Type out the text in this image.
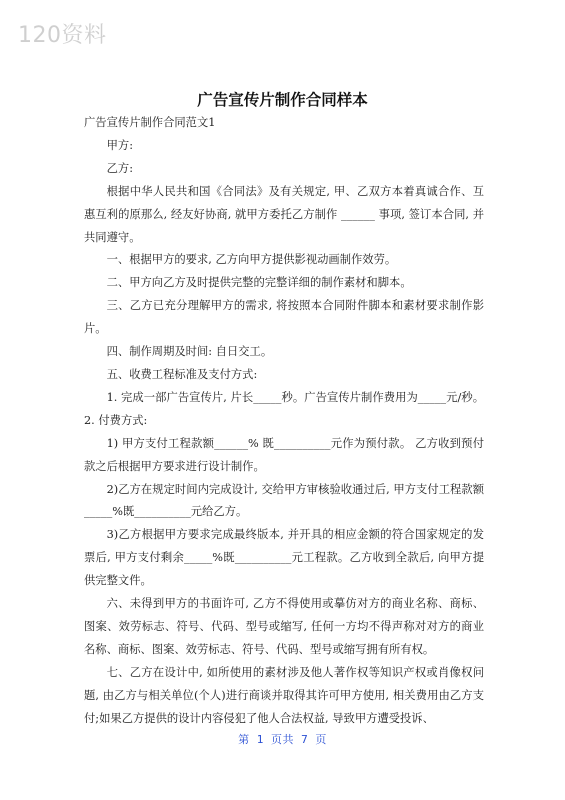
120资料
广告宣传片制作合同样本

广告宣传片制作合同范文1

甲方:

乙方:

根据中华人民共和国《合同法》及有关规定, 甲、乙双方本着真诚合作、互惠互利的原那么, 经友好协商, 就甲方委托乙方制作 ______ 事项, 签订本合同, 并共同遵守。

一、根据甲方的要求, 乙方向甲方提供影视动画制作效劳。

二、甲方向乙方及时提供完整的完整详细的制作素材和脚本。

三、乙方已充分理解甲方的需求, 将按照本合同附件脚本和素材要求制作影片。

四、制作周期及时间: 自日交工。

五、收费工程标准及支付方式:

1. 完成一部广告宣传片, 片长_____秒。广告宣传片制作费用为_____元/秒。 2. 付费方式:

1) 甲方支付工程款额______% 既__________元作为预付款。 乙方收到预付款之后根据甲方要求进行设计制作。

2)乙方在规定时间内完成设计, 交给甲方审核验收通过后, 甲方支付工程款额_____%既__________元给乙方。

3)乙方根据甲方要求完成最终版本, 并开具的相应金额的符合国家规定的发票后, 甲方支付剩余_____%既__________元工程款。乙方收到全款后, 向甲方提供完整文件。

六、未得到甲方的书面许可, 乙方不得使用或摹仿对方的商业名称、商标、图案、效劳标志、符号、代码、型号或缩写, 任何一方均不得声称对对方的商业名称、商标、图案、效劳标志、符号、代码、型号或缩写拥有所有权。

七、乙方在设计中, 如所使用的素材涉及他人著作权等知识产权或肖像权问题, 由乙方与相关单位(个人)进行商谈并取得其许可甲方使用, 相关费用由乙方支付;如果乙方提供的设计内容侵犯了他人合法权益, 导致甲方遭受投诉、

第 1 页共 7 页
